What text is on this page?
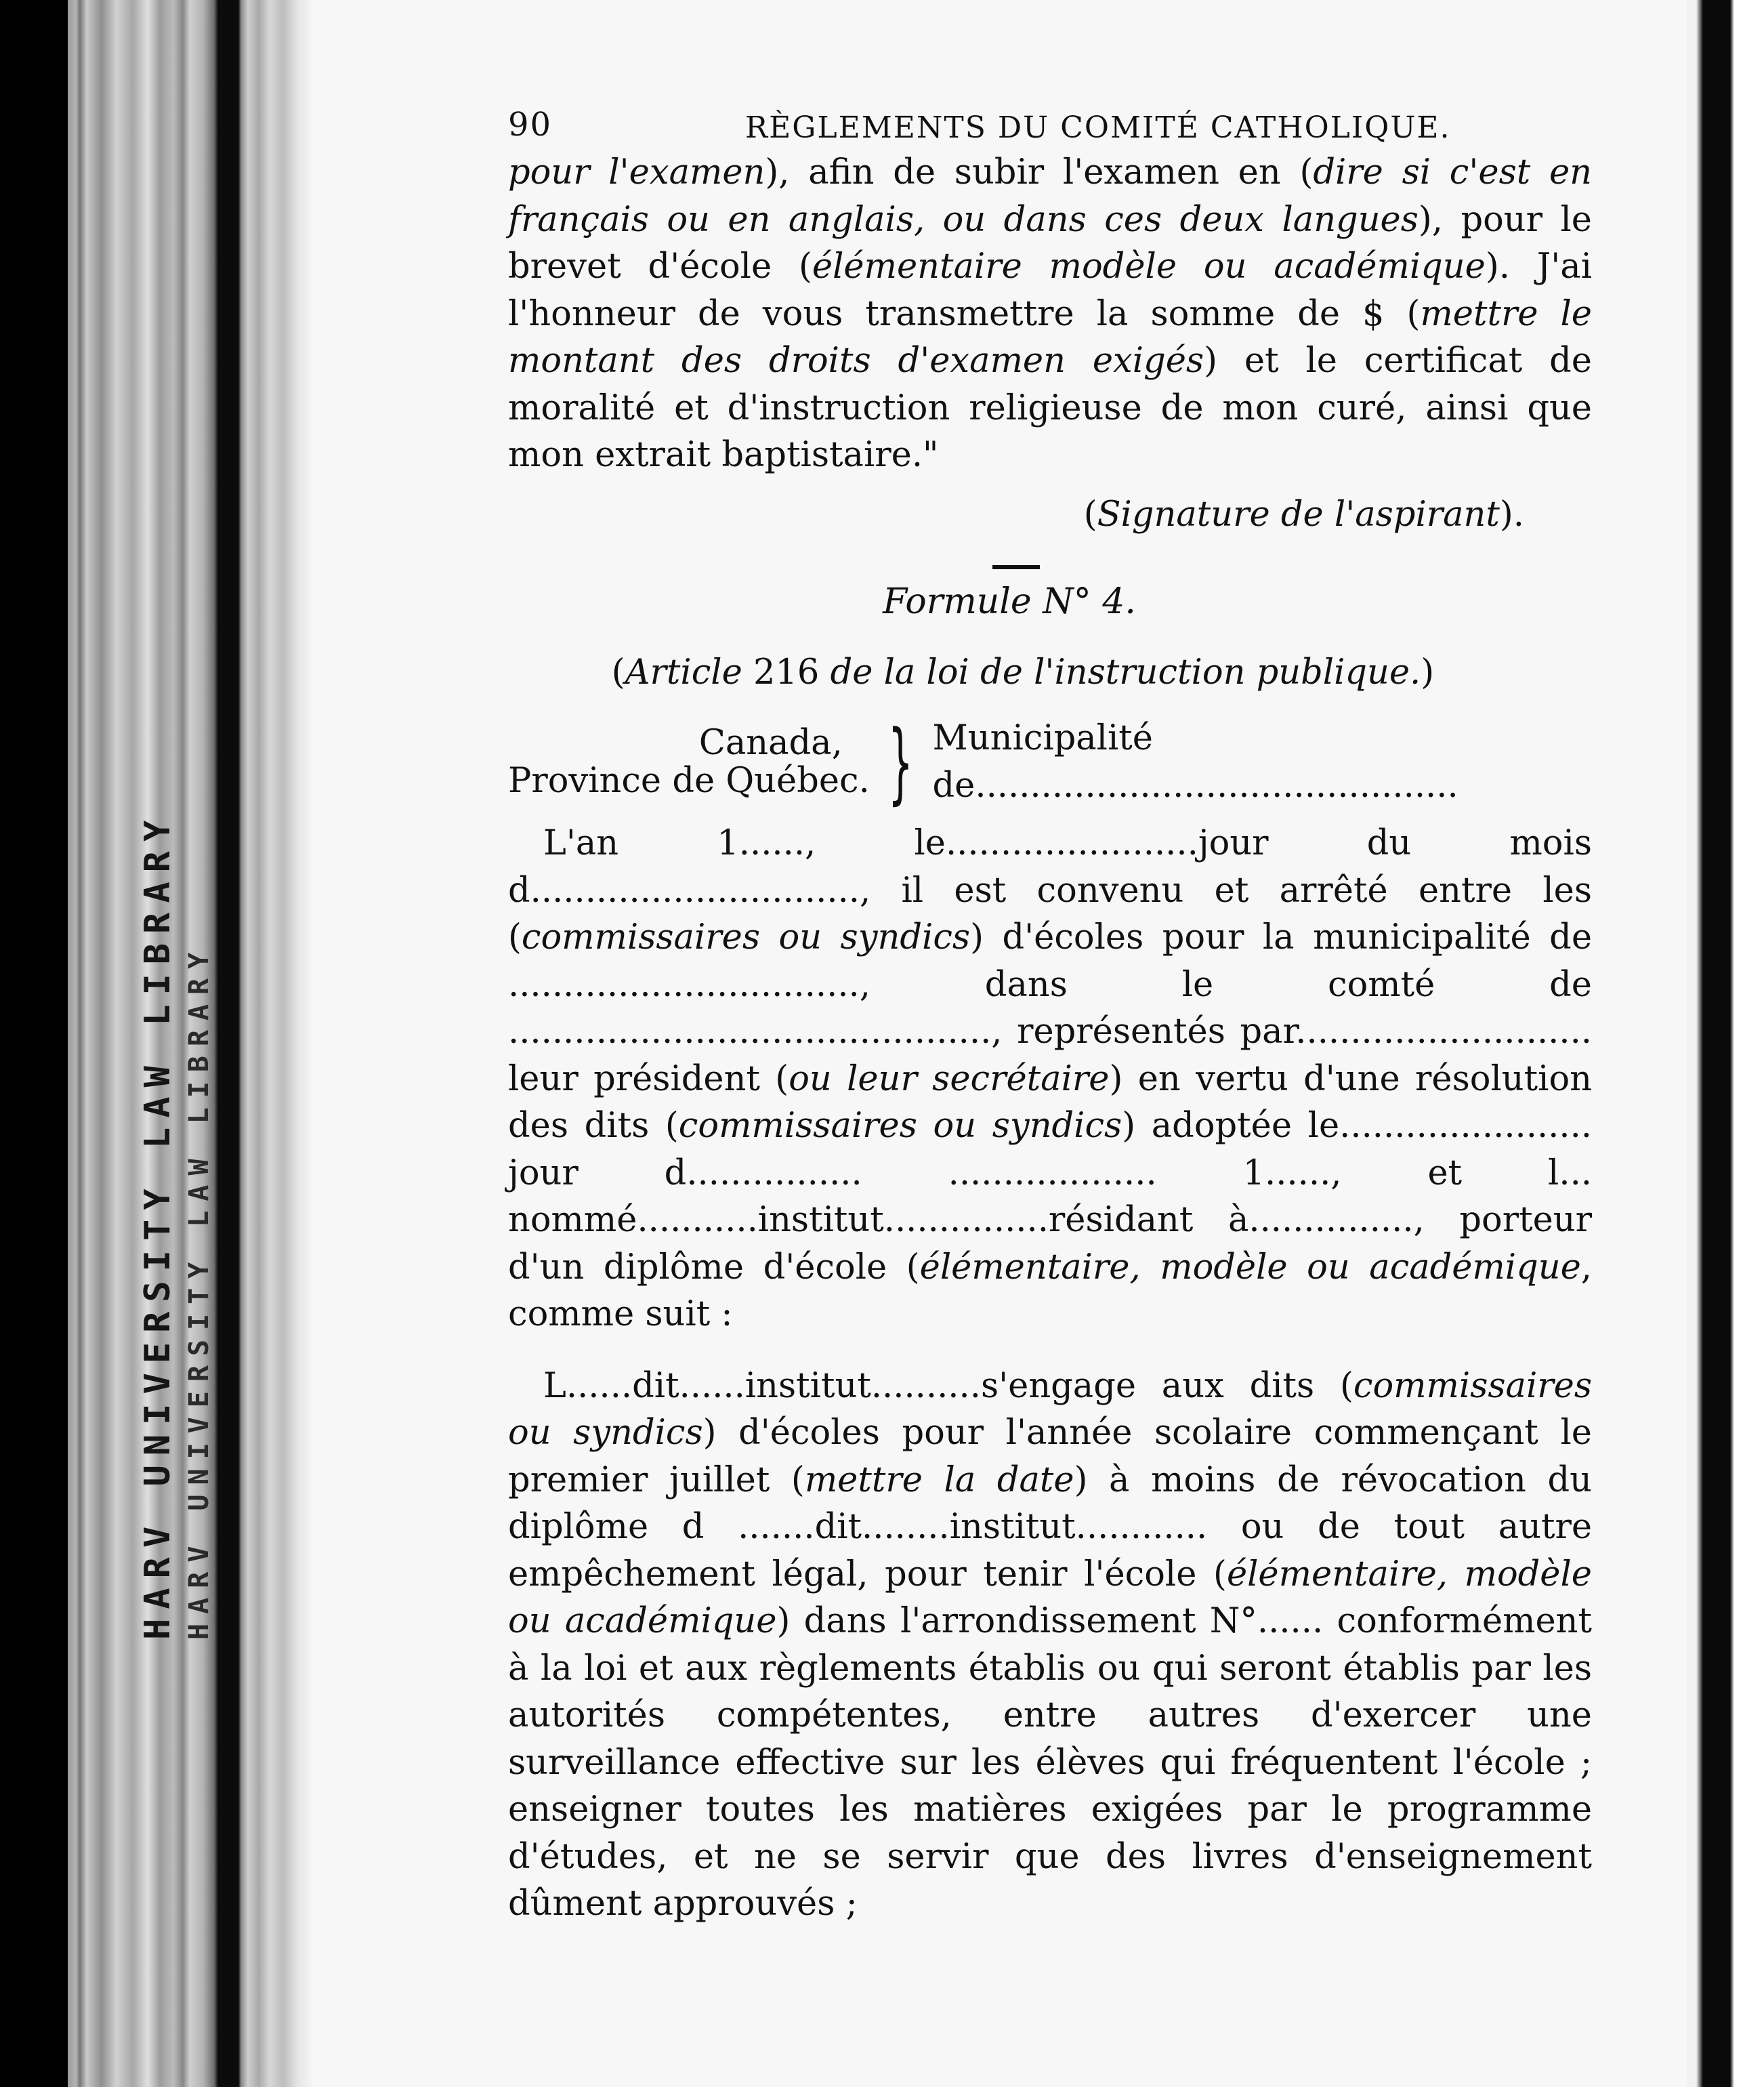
HARV UNIVERSITY LAW LIBRARY HARV UNIVERSITY LAW LIBRARY
90	RÈGLEMENTS DU COMITÉ CATHOLIQUE.

pour l'examen), afin de subir l'examen en (dire si c'est en français ou en anglais, ou dans ces deux langues), pour le brevet d'école (élémentaire modèle ou académique). J'ai l'honneur de vous transmettre la somme de $ (mettre le montant des droits d'examen exigés) et le certificat de moralité et d'instruction religieuse de mon curé, ainsi que mon extrait baptistaire."

(Signature de l'aspirant).
Formule N° 4.
(Article 216 de la loi de l'instruction publique.)
Canada,
Province de Québec. } Municipalité de............................................

L'an 1......, le.......................jour du mois d.............................., il est convenu et arrêté entre les (commissaires ou syndics) d'écoles pour la municipalité de ................................, dans le comté de ............................................, représentés par........................... leur président (ou leur secrétaire) en vertu d'une résolution des dits (commissaires ou syndics) adoptée le....................... jour d................ ................... 1......, et l... nommé...........institut...............résidant à..............., porteur d'un diplôme d'école (élémentaire, modèle ou académique, comme suit :

L......dit......institut..........s'engage aux dits (commissaires ou syndics) d'écoles pour l'année scolaire commençant le premier juillet (mettre la date) à moins de révocation du diplôme d .......dit........institut............ ou de tout autre empêchement légal, pour tenir l'école (élémentaire, modèle ou académique) dans l'arrondissement N°...... conformément à la loi et aux règlements établis ou qui seront établis par les autorités compétentes, entre autres d'exercer une surveillance effective sur les élèves qui fréquentent l'école ; enseigner toutes les matières exigées par le programme d'études, et ne se servir que des livres d'enseignement dûment approuvés ;
